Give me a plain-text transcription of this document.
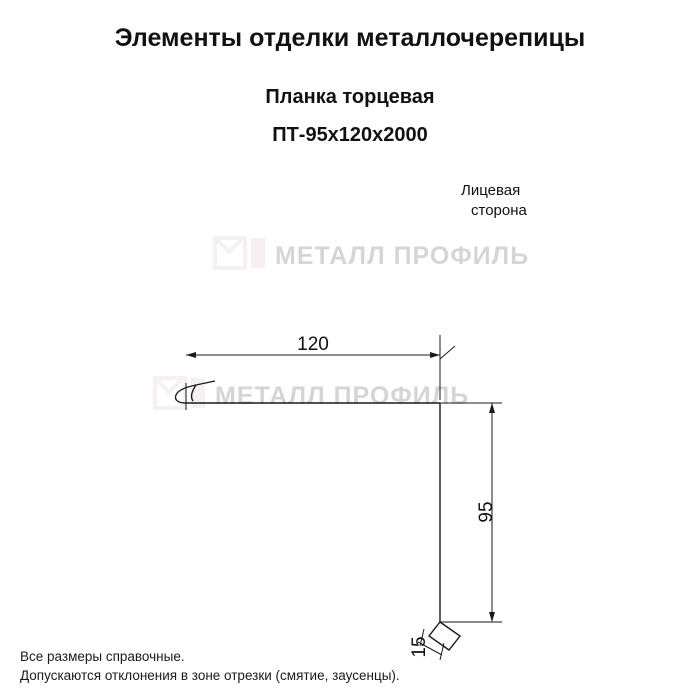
МЕТАЛЛ ПРОФИЛЬ
МЕТАЛЛ ПРОФИЛЬ
Элементы отделки металлочерепицы
Планка торцевая
ПТ-95х120х2000
120
95
15
Лицевая
сторона
Все размеры справочные.
Допускаются отклонения в зоне отрезки (смятие, заусенцы).
